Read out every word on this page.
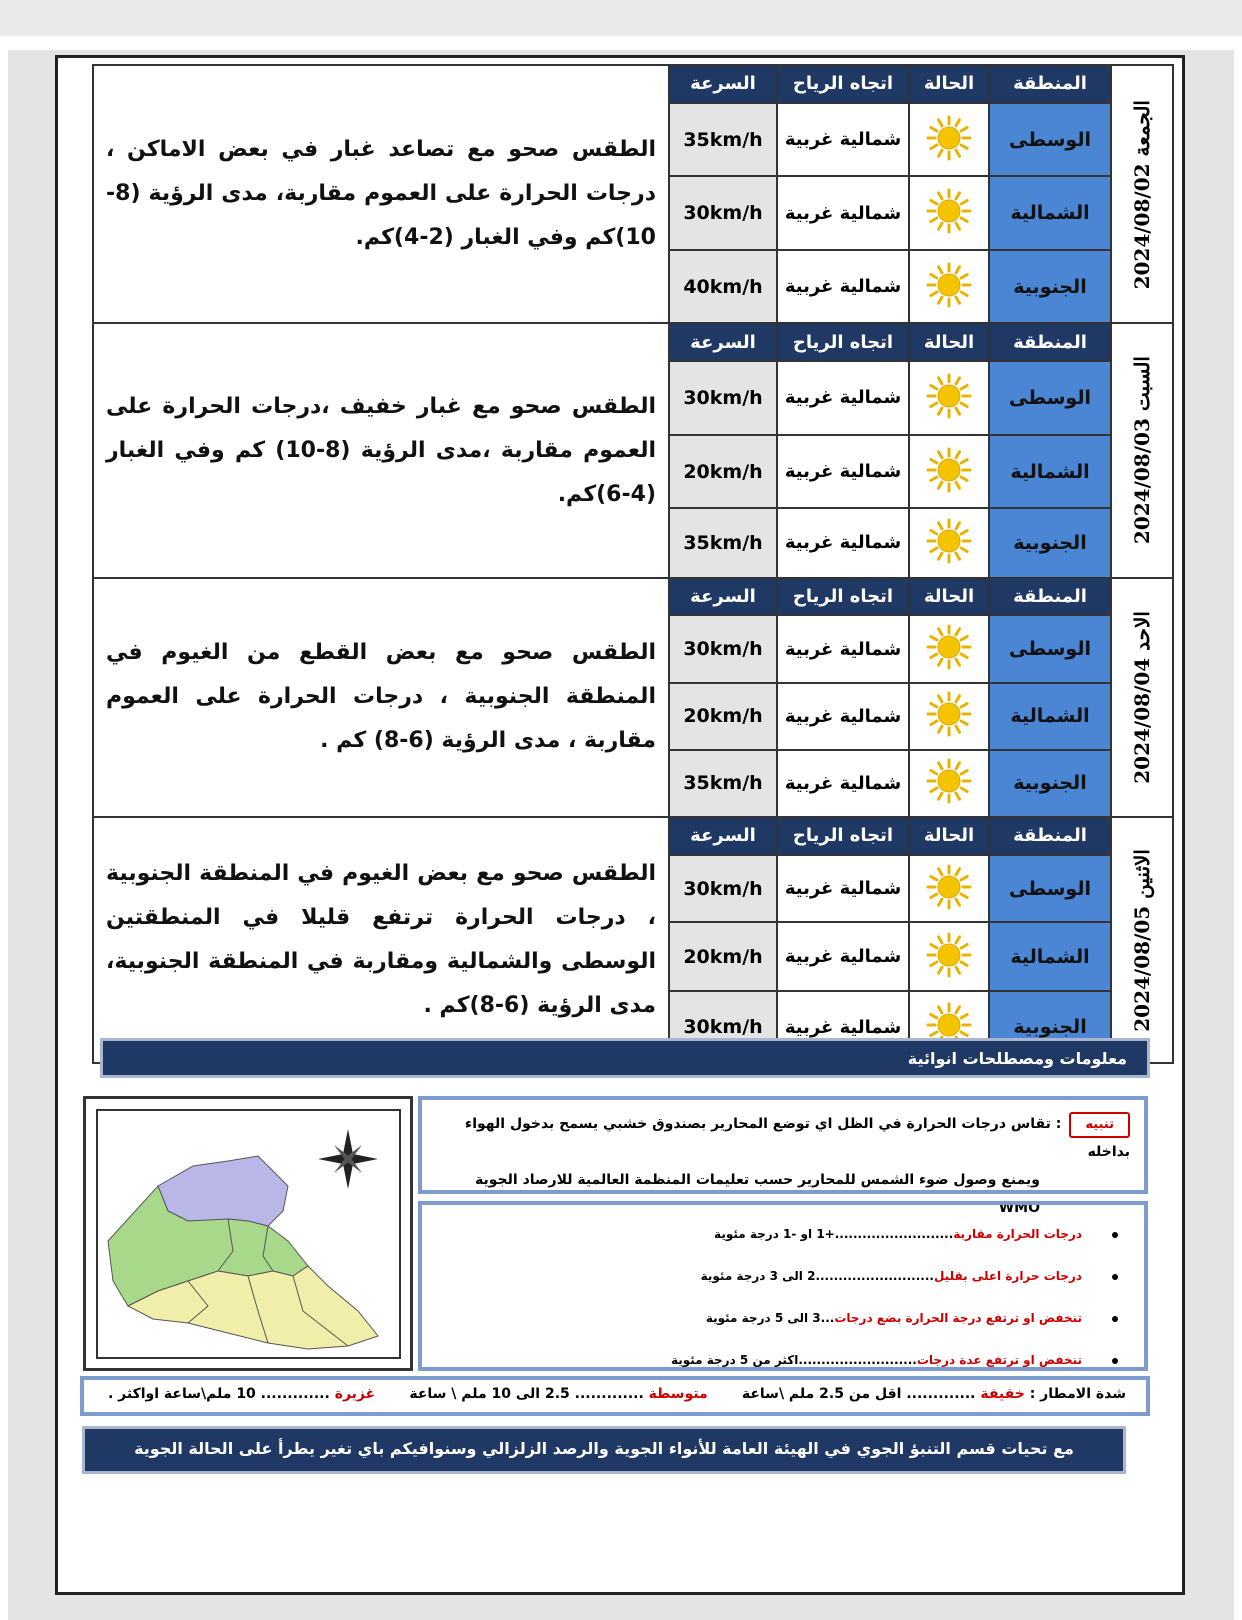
الجمعة 2024/08/02	المنطقة	الحالة	اتجاه الرياح	السرعة	الطقس صحو مع تصاعد غبار في بعض الاماكن ، درجات الحرارة على العموم مقاربة، مدى الرؤية (8-10)كم وفي الغبار (2-4)كم.
	الوسطى		شمالية غربية	35km/h	
	الشمالية		شمالية غربية	30km/h	
	الجنوبية		شمالية غربية	40km/h	

السبت 2024/08/03	المنطقة	الحالة	اتجاه الرياح	السرعة	الطقس صحو مع غبار خفيف ،درجات الحرارة على العموم مقاربة ،مدى الرؤية (8-10) كم وفي الغبار (4-6)كم.
	الوسطى		شمالية غربية	30km/h	
	الشمالية		شمالية غربية	20km/h	
	الجنوبية		شمالية غربية	35km/h	

الاحد 2024/08/04	المنطقة	الحالة	اتجاه الرياح	السرعة	الطقس صحو مع بعض القطع من الغيوم في المنطقة الجنوبية ، درجات الحرارة على العموم مقاربة ، مدى الرؤية (6-8) كم .
	الوسطى		شمالية غربية	30km/h	
	الشمالية		شمالية غربية	20km/h	
	الجنوبية		شمالية غربية	35km/h	

الاثنين 2024/08/05	المنطقة	الحالة	اتجاه الرياح	السرعة	الطقس صحو مع بعض الغيوم في المنطقة الجنوبية ، درجات الحرارة ترتفع قليلا في المنطقتين الوسطى والشمالية ومقاربة في المنطقة الجنوبية، مدى الرؤية (6-8)كم .
	الوسطى		شمالية غربية	30km/h	
	الشمالية		شمالية غربية	20km/h	
	الجنوبية		شمالية غربية	30km/h	
معلومات ومصطلحات انوائية
تنبيه
: تقاس درجات الحرارة في الظل اي توضع المحارير بصندوق خشبي يسمح بدخول الهواء بداخله
ويمنع وصول ضوء الشمس للمحارير حسب تعليمات المنظمة العالمية للارصاد الجوية WMO
درجات الحرارة مقاربة..........................+1 او -1 درجة مئوية
درجات حرارة اعلى بقليل..........................2 الى 3 درجة مئوية
تنخفض او ترتفع درجة الحرارة بضع درجات...3 الى 5 درجة مئوية
تنخفض او ترتفع عدة درجات..........................اكثر من 5 درجة مئوية
شدة الامطار : خفيفة ............. اقل من 2.5 ملم \ساعة       متوسطة ............. 2.5 الى 10 ملم \ ساعة       غزيرة ............. 10 ملم\ساعة اواكثر .
مع تحيات قسم التنبؤ الجوي في الهيئة العامة للأنواء الجوية والرصد الزلزالي وسنوافيكم باي تغير يطرأ على الحالة الجوية
